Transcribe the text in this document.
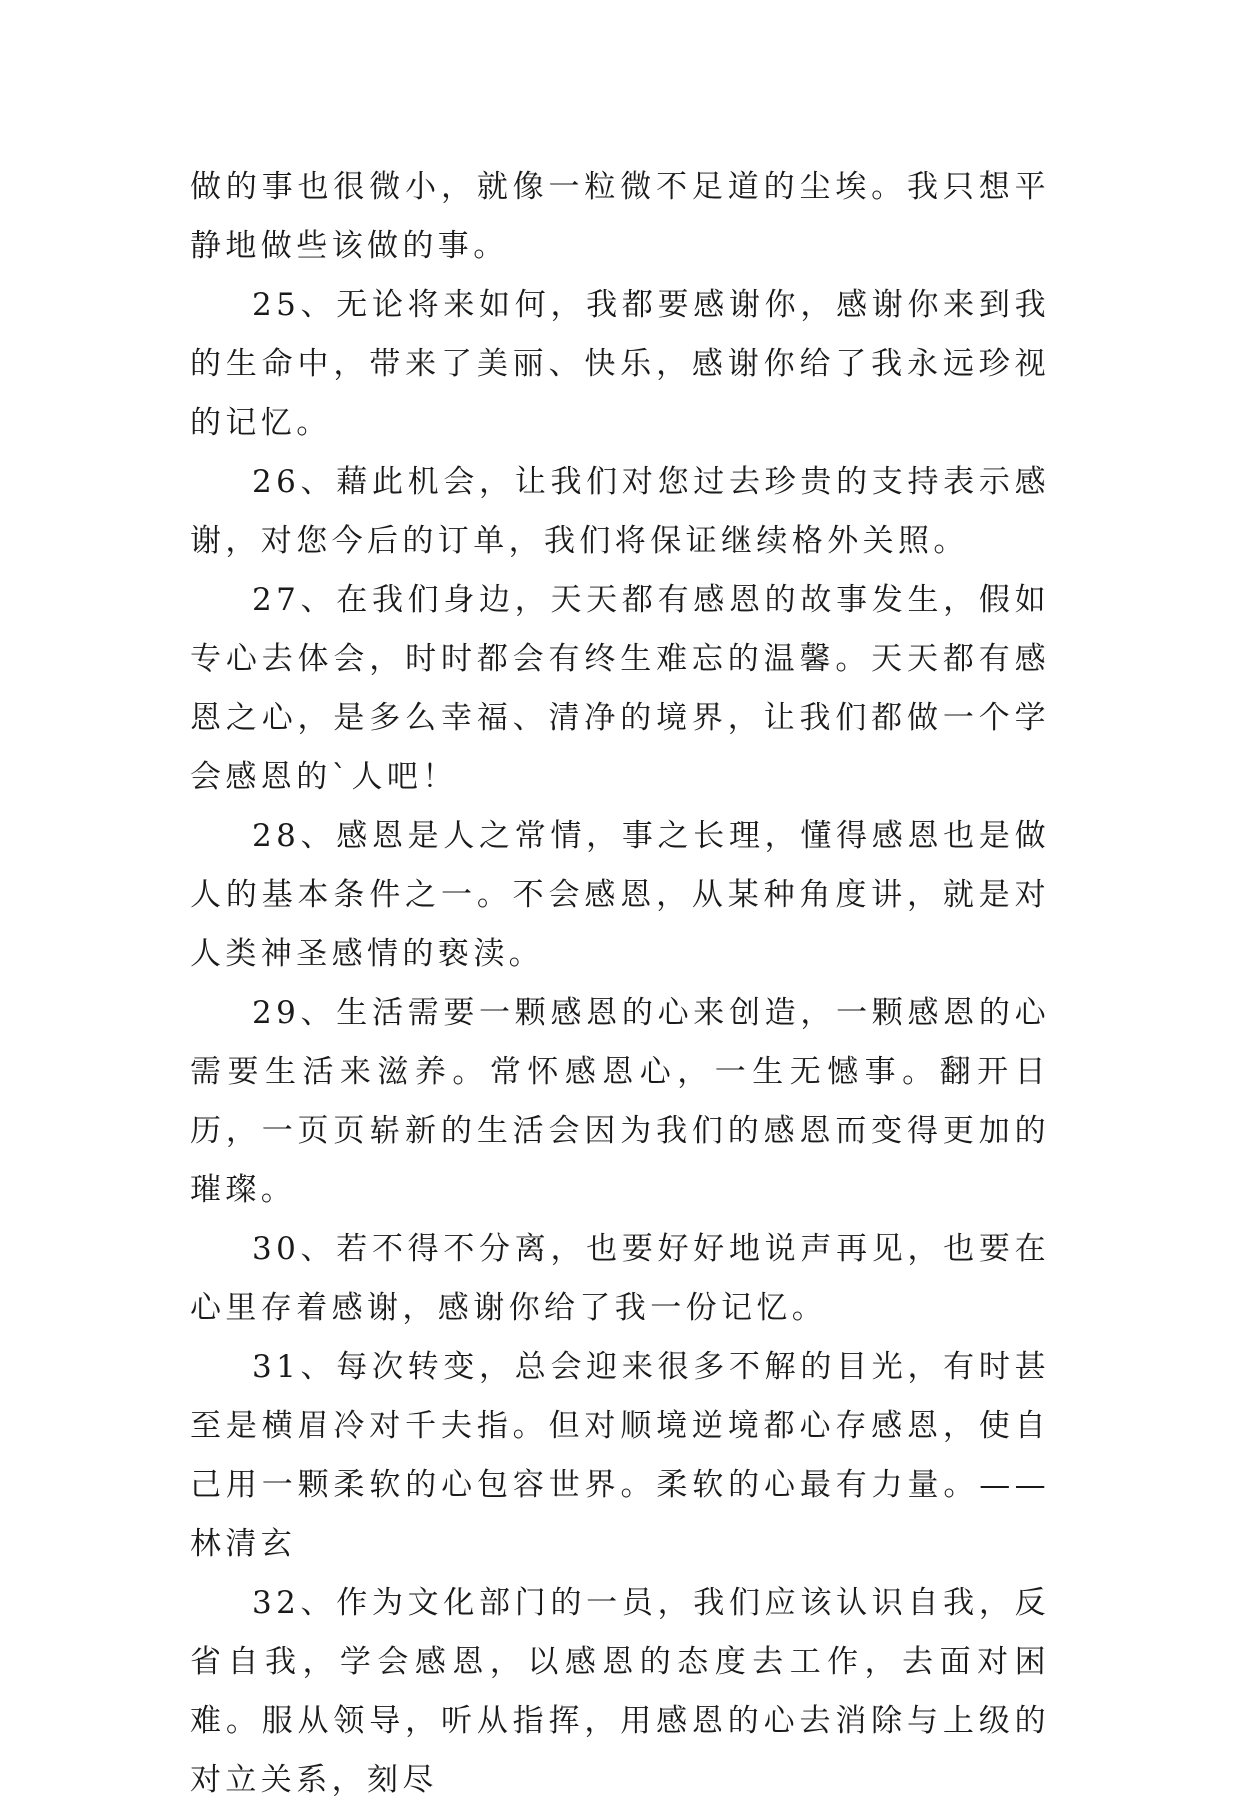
做的事也很微小，就像一粒微不足道的尘埃。我只想平静地做些该做的事。

25、无论将来如何，我都要感谢你，感谢你来到我的生命中，带来了美丽、快乐，感谢你给了我永远珍视的记忆。

26、藉此机会，让我们对您过去珍贵的支持表示感谢，对您今后的订单，我们将保证继续格外关照。

27、在我们身边，天天都有感恩的故事发生，假如专心去体会，时时都会有终生难忘的温馨。天天都有感恩之心，是多么幸福、清净的境界，让我们都做一个学会感恩的`人吧！

28、感恩是人之常情，事之长理，懂得感恩也是做人的基本条件之一。不会感恩，从某种角度讲，就是对人类神圣感情的亵渎。

29、生活需要一颗感恩的心来创造，一颗感恩的心需要生活来滋养。常怀感恩心，一生无憾事。翻开日历，一页页崭新的生活会因为我们的感恩而变得更加的璀璨。

30、若不得不分离，也要好好地说声再见，也要在心里存着感谢，感谢你给了我一份记忆。

31、每次转变，总会迎来很多不解的目光，有时甚至是横眉冷对千夫指。但对顺境逆境都心存感恩，使自己用一颗柔软的心包容世界。柔软的心最有力量。——林清玄

32、作为文化部门的一员，我们应该认识自我，反省自我，学会感恩，以感恩的态度去工作，去面对困难。服从领导，听从指挥，用感恩的心去消除与上级的对立关系，刻尽
